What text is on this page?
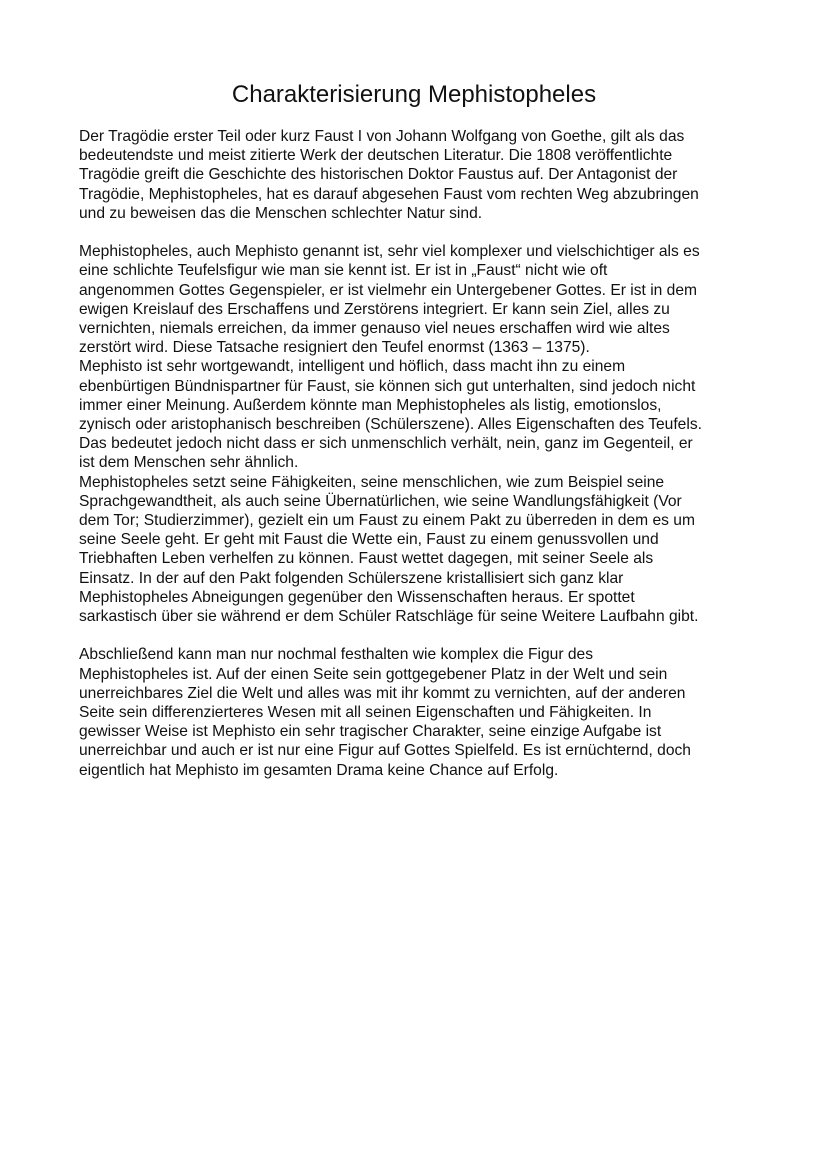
Charakterisierung Mephistopheles

Der Tragödie erster Teil oder kurz Faust I von Johann Wolfgang von Goethe, gilt als das
bedeutendste und meist zitierte Werk der deutschen Literatur. Die 1808 veröffentlichte
Tragödie greift die Geschichte des historischen Doktor Faustus auf. Der Antagonist der
Tragödie, Mephistopheles, hat es darauf abgesehen Faust vom rechten Weg abzubringen
und zu beweisen das die Menschen schlechter Natur sind.

Mephistopheles, auch Mephisto genannt ist, sehr viel komplexer und vielschichtiger als es
eine schlichte Teufelsfigur wie man sie kennt ist. Er ist in „Faust“ nicht wie oft
angenommen Gottes Gegenspieler, er ist vielmehr ein Untergebener Gottes. Er ist in dem
ewigen Kreislauf des Erschaffens und Zerstörens integriert. Er kann sein Ziel, alles zu
vernichten, niemals erreichen, da immer genauso viel neues erschaffen wird wie altes
zerstört wird. Diese Tatsache resigniert den Teufel enormst (1363 – 1375).

Mephisto ist sehr wortgewandt, intelligent und höflich, dass macht ihn zu einem
ebenbürtigen Bündnispartner für Faust, sie können sich gut unterhalten, sind jedoch nicht
immer einer Meinung. Außerdem könnte man Mephistopheles als listig, emotionslos,
zynisch oder aristophanisch beschreiben (Schülerszene). Alles Eigenschaften des Teufels.
Das bedeutet jedoch nicht dass er sich unmenschlich verhält, nein, ganz im Gegenteil, er
ist dem Menschen sehr ähnlich.

Mephistopheles setzt seine Fähigkeiten, seine menschlichen, wie zum Beispiel seine
Sprachgewandtheit, als auch seine Übernatürlichen, wie seine Wandlungsfähigkeit (Vor
dem Tor; Studierzimmer), gezielt ein um Faust zu einem Pakt zu überreden in dem es um
seine Seele geht. Er geht mit Faust die Wette ein, Faust zu einem genussvollen und
Triebhaften Leben verhelfen zu können. Faust wettet dagegen, mit seiner Seele als
Einsatz. In der auf den Pakt folgenden Schülerszene kristallisiert sich ganz klar
Mephistopheles Abneigungen gegenüber den Wissenschaften heraus. Er spottet
sarkastisch über sie während er dem Schüler Ratschläge für seine Weitere Laufbahn gibt.

Abschließend kann man nur nochmal festhalten wie komplex die Figur des
Mephistopheles ist. Auf der einen Seite sein gottgegebener Platz in der Welt und sein
unerreichbares Ziel die Welt und alles was mit ihr kommt zu vernichten, auf der anderen
Seite sein differenzierteres Wesen mit all seinen Eigenschaften und Fähigkeiten. In
gewisser Weise ist Mephisto ein sehr tragischer Charakter, seine einzige Aufgabe ist
unerreichbar und auch er ist nur eine Figur auf Gottes Spielfeld. Es ist ernüchternd, doch
eigentlich hat Mephisto im gesamten Drama keine Chance auf Erfolg.
